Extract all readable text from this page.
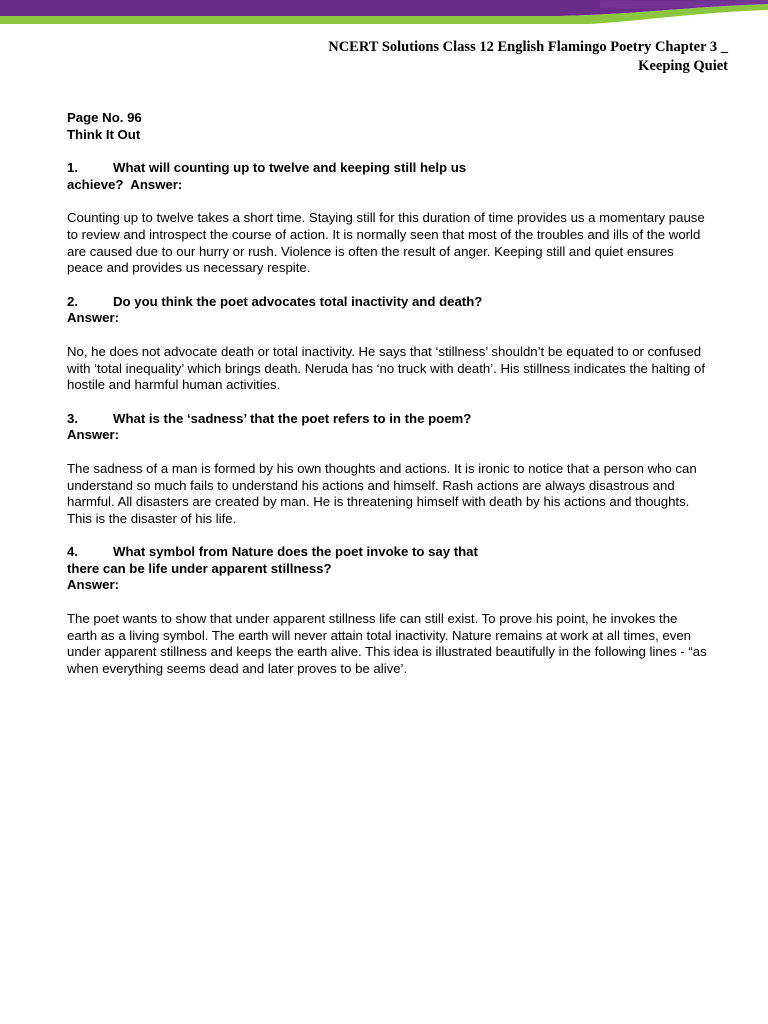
NCERT Solutions Class 12 English Flamingo Poetry Chapter 3 _
Keeping Quiet
Page No. 96
Think It Out
1.	What will counting up to twelve and keeping still help us
achieve? Answer:
Counting up to twelve takes a short time. Staying still for this duration of time provides us a momentary pause to review and introspect the course of action. It is normally seen that most of the troubles and ills of the world are caused due to our hurry or rush. Violence is often the result of anger. Keeping still and quiet ensures peace and provides us necessary respite.
2.	Do you think the poet advocates total inactivity and death?
Answer:
No, he does not advocate death or total inactivity. He says that ‘stillness’ shouldn’t be equated to or confused with ‘total inequality’ which brings death. Neruda has ‘no truck with death’. His stillness indicates the halting of hostile and harmful human activities.
3.	What is the ‘sadness’ that the poet refers to in the poem?
Answer:
The sadness of a man is formed by his own thoughts and actions. It is ironic to notice that a person who can understand so much fails to understand his actions and himself. Rash actions are always disastrous and harmful. All disasters are created by man. He is threatening himself with death by his actions and thoughts. This is the disaster of his life.
4.	What symbol from Nature does the poet invoke to say that
there can be life under apparent stillness?
Answer:
The poet wants to show that under apparent stillness life can still exist. To prove his point, he invokes the earth as a living symbol. The earth will never attain total inactivity. Nature remains at work at all times, even under apparent stillness and keeps the earth alive. This idea is illustrated beautifully in the following lines - “as when everything seems dead and later proves to be alive’.
